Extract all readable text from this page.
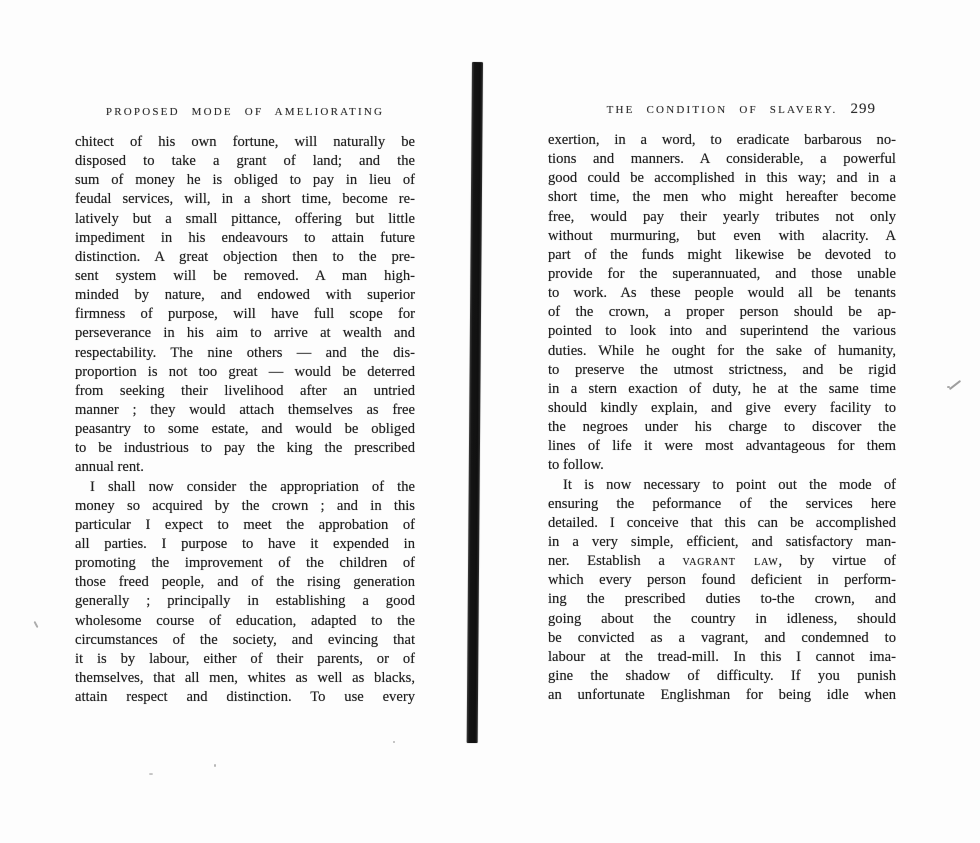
PROPOSED MODE OF AMELIORATING
chitect of his own fortune, will naturally be
disposed to take a grant of land; and the
sum of money he is obliged to pay in lieu of
feudal services, will, in a short time, become re-
latively but a small pittance, offering but little
impediment in his endeavours to attain future
distinction. A great objection then to the pre-
sent system will be removed. A man high-
minded by nature, and endowed with superior
firmness of purpose, will have full scope for
perseverance in his aim to arrive at wealth and
respectability. The nine others — and the dis-
proportion is not too great — would be deterred
from seeking their livelihood after an untried
manner ; they would attach themselves as free
peasantry to some estate, and would be obliged
to be industrious to pay the king the prescribed
annual rent.
I shall now consider the appropriation of the
money so acquired by the crown ; and in this
particular I expect to meet the approbation of
all parties. I purpose to have it expended in
promoting the improvement of the children of
those freed people, and of the rising generation
generally ; principally in establishing a good
wholesome course of education, adapted to the
circumstances of the society, and evincing that
it is by labour, either of their parents, or of
themselves, that all men, whites as well as blacks,
attain respect and distinction. To use every
THE CONDITION OF SLAVERY. 299
exertion, in a word, to eradicate barbarous no-
tions and manners. A considerable, a powerful
good could be accomplished in this way; and in a
short time, the men who might hereafter become
free, would pay their yearly tributes not only
without murmuring, but even with alacrity. A
part of the funds might likewise be devoted to
provide for the superannuated, and those unable
to work. As these people would all be tenants
of the crown, a proper person should be ap-
pointed to look into and superintend the various
duties. While he ought for the sake of humanity,
to preserve the utmost strictness, and be rigid
in a stern exaction of duty, he at the same time
should kindly explain, and give every facility to
the negroes under his charge to discover the
lines of life it were most advantageous for them
to follow.
It is now necessary to point out the mode of
ensuring the peformance of the services here
detailed. I conceive that this can be accomplished
in a very simple, efficient, and satisfactory man-
ner. Establish a vagrant law, by virtue of
which every person found deficient in perform-
ing the prescribed duties to-the crown, and
going about the country in idleness, should
be convicted as a vagrant, and condemned to
labour at the tread-mill. In this I cannot ima-
gine the shadow of difficulty. If you punish
an unfortunate Englishman for being idle when
